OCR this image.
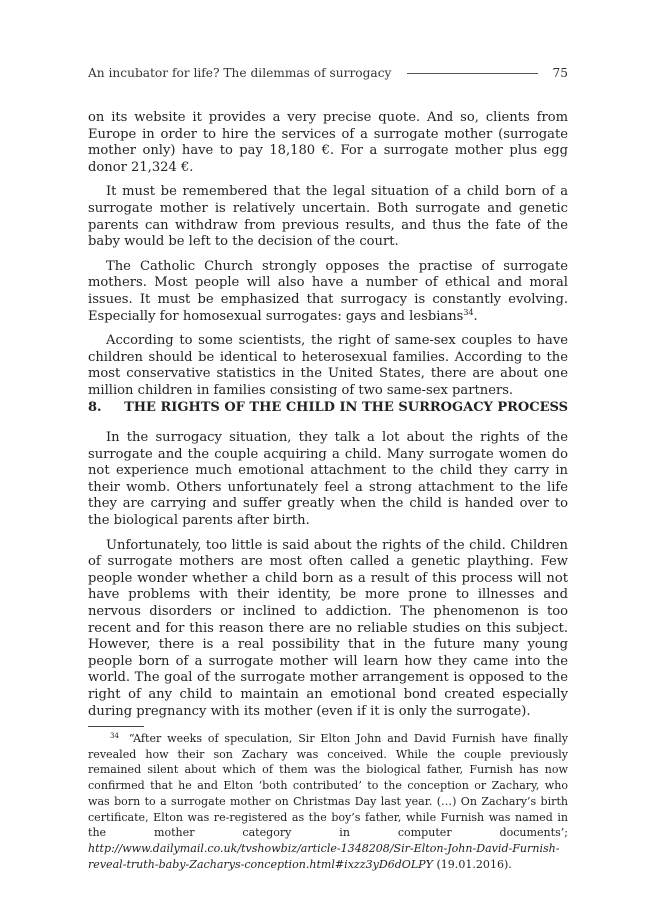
An incubator for life? The dilemmas of surrogacy	75

on its website it provides a very precise quote. And so, clients from Europe in order to hire the services of a surrogate mother (surrogate mother only) have to pay 18,180 €. For a surrogate mother plus egg donor 21,324 €.

It must be remembered that the legal situation of a child born of a surrogate mother is relatively uncertain. Both surrogate and genetic parents can withdraw from previous results, and thus the fate of the baby would be left to the decision of the court.

The Catholic Church strongly opposes the practise of surrogate mothers. Most people will also have a number of ethical and moral issues. It must be emphasized that surrogacy is constantly evolving. Especially for homosexual surrogates: gays and lesbians$^{34}$.

According to some scientists, the right of same-sex couples to have children should be identical to heterosexual families. According to the most conservative statistics in the United States, there are about one million children in families consisting of two same-sex partners.

8.	THE RIGHTS OF THE CHILD IN THE SURROGACY PROCESS

In the surrogacy situation, they talk a lot about the rights of the surrogate and the couple acquiring a child. Many surrogate women do not experience much emotional attachment to the child they carry in their womb. Others unfortunately feel a strong attachment to the life they are carrying and suffer greatly when the child is handed over to the biological parents after birth.

Unfortunately, too little is said about the rights of the child. Children of surrogate mothers are most often called a genetic plaything. Few people wonder whether a child born as a result of this process will not have problems with their identity, be more prone to illnesses and nervous disorders or inclined to addiction. The phenomenon is too recent and for this reason there are no reliable studies on this subject. However, there is a real possibility that in the future many young people born of a surrogate mother will learn how they came into the world. The goal of the surrogate mother arrangement is opposed to the right of any child to maintain an emotional bond created especially during pregnancy with its mother (even if it is only the surrogate).

$^{34}$ “After weeks of speculation, Sir Elton John and David Furnish have finally revealed how their son Zachary was conceived. While the couple previously remained silent about which of them was the biological father, Furnish has now confirmed that he and Elton ‘both contributed’ to the conception or Zachary, who was born to a surrogate mother on Christmas Day last year. (…) On Zachary’s birth certificate, Elton was re-registered as the boy’s father, while Furnish was named in the mother category in computer documents’; http://www.dailymail.co.uk/tvshowbiz/article-1348208/Sir-Elton-John-David-Furnish-reveal-truth-baby-Zacharys-conception.html#ixzz3yD6dOLPY (19.01.2016).
